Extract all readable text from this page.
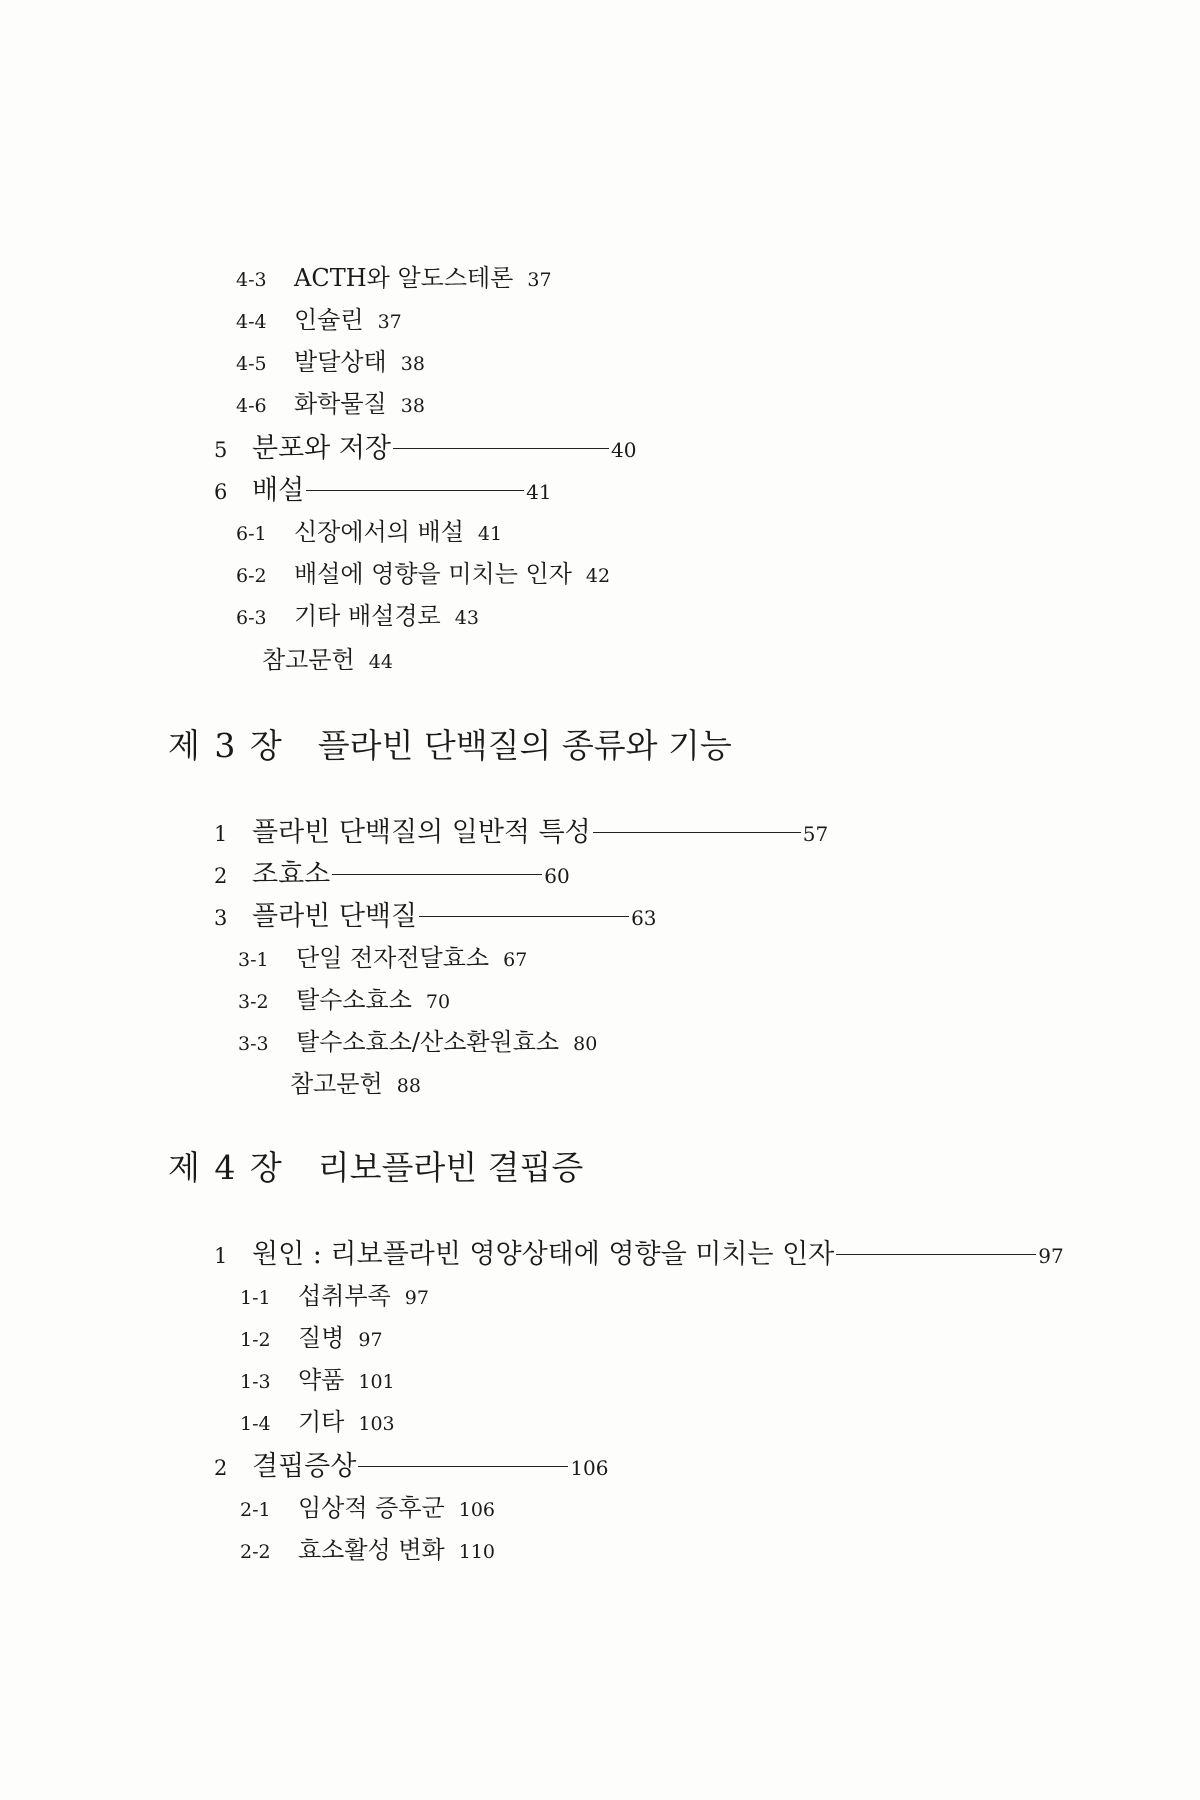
4-3	ACTH와 알도스테론 37
4-4	인슐린 37
4-5	발달상태 38
4-6	화학물질 38
5 분포와 저장	40
6 배설	41
6-1	신장에서의 배설 41
6-2	배설에 영향을 미치는 인자 42
6-3	기타 배설경로 43
참고문헌 44
제 3 장 플라빈 단백질의 종류와 기능
1 플라빈 단백질의 일반적 특성	57
2 조효소	60
3 플라빈 단백질	63
3-1	단일 전자전달효소 67
3-2	탈수소효소 70
3-3	탈수소효소/산소환원효소 80
참고문헌 88
제 4 장 리보플라빈 결핍증
1 원인 : 리보플라빈 영양상태에 영향을 미치는 인자	97
1-1	섭취부족 97
1-2	질병 97
1-3	약품 101
1-4	기타 103
2 결핍증상	106
2-1	임상적 증후군 106
2-2	효소활성 변화 110
